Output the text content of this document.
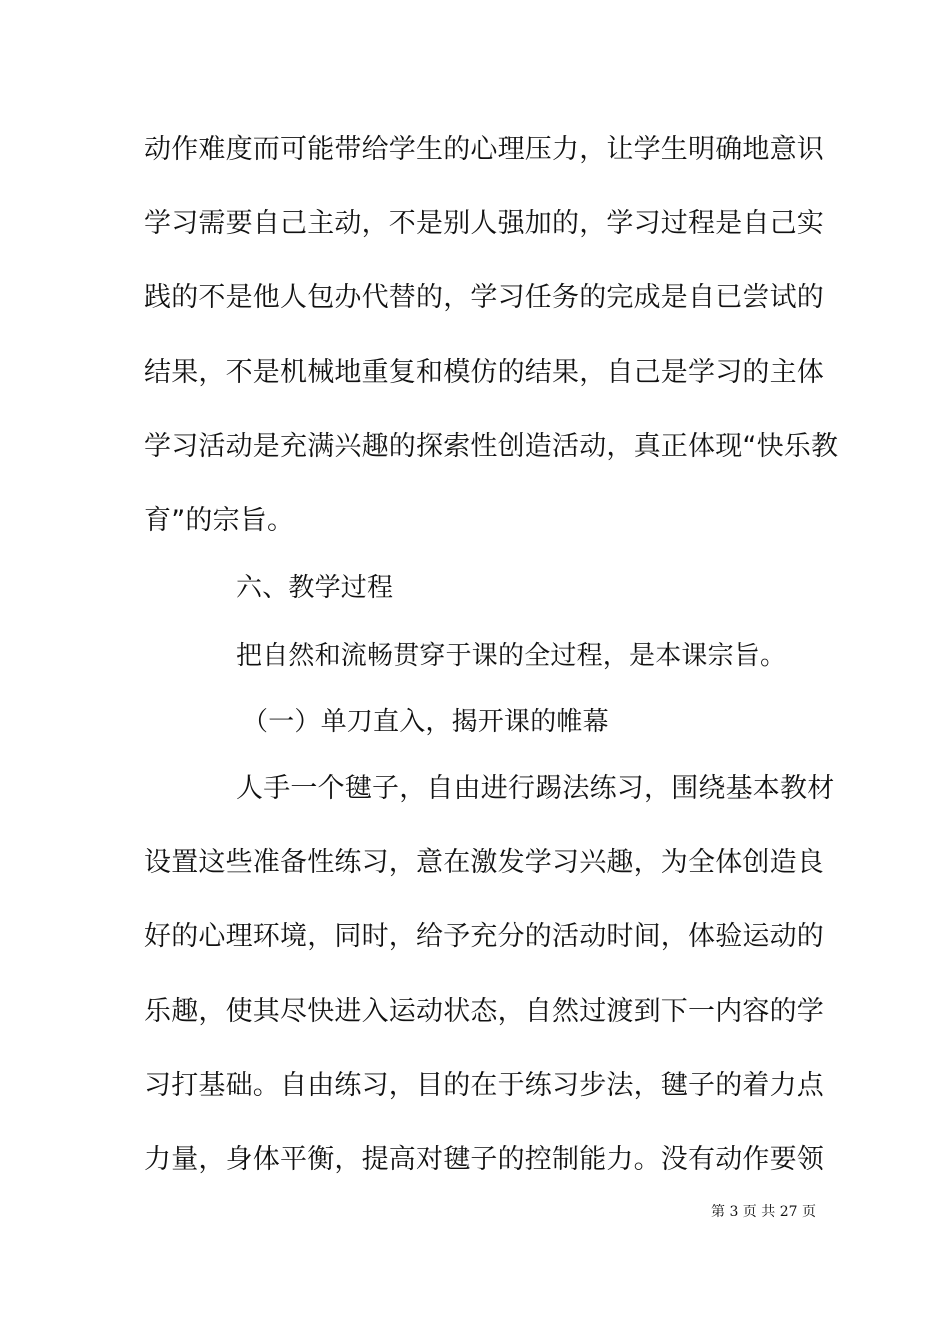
动作难度而可能带给学生的心理压力，让学生明确地意识
学习需要自己主动，不是别人强加的，学习过程是自己实
践的不是他人包办代替的，学习任务的完成是自已尝试的
结果，不是机械地重复和模仿的结果，自己是学习的主体
学习活动是充满兴趣的探索性创造活动，真正体现“快乐教
育”的宗旨。
六、教学过程
把自然和流畅贯穿于课的全过程，是本课宗旨。
（一）单刀直入，揭开课的帷幕
人手一个毽子，自由进行踢法练习，围绕基本教材
设置这些准备性练习，意在激发学习兴趣，为全体创造良
好的心理环境，同时，给予充分的活动时间，体验运动的
乐趣，使其尽快进入运动状态，自然过渡到下一内容的学
习打基础。自由练习，目的在于练习步法，毽子的着力点
力量，身体平衡，提高对毽子的控制能力。没有动作要领
第 3 页 共 27 页
